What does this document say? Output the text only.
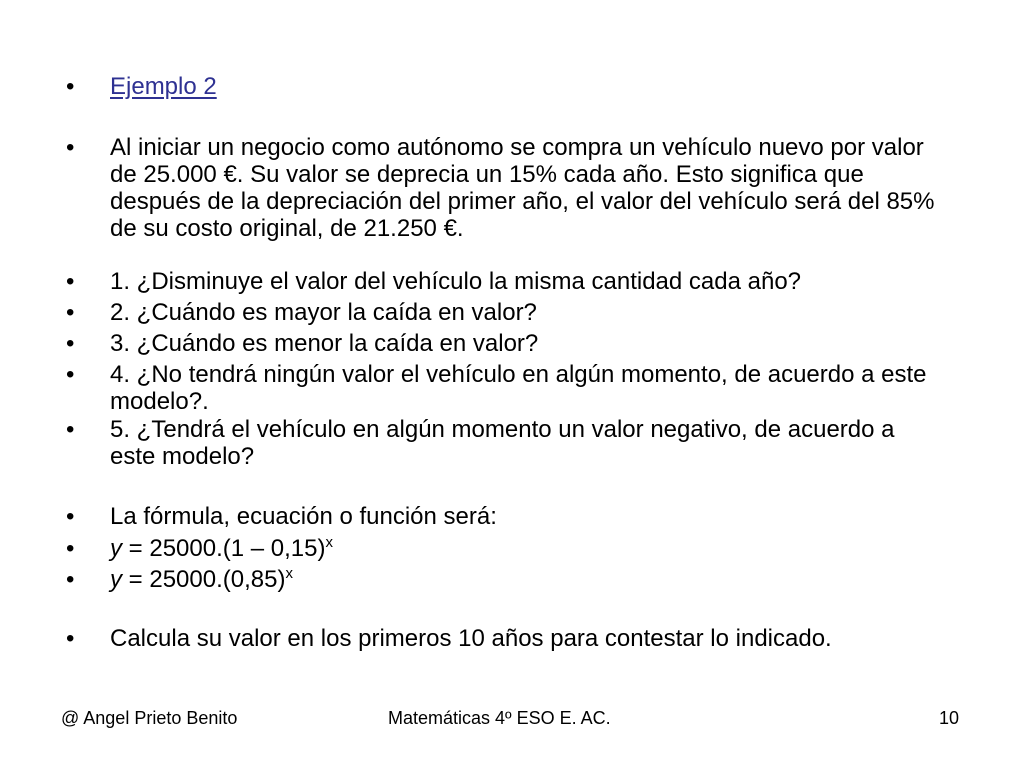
•	Ejemplo 2
•	Al iniciar un negocio como autónomo se compra un vehículo nuevo por valor de 25.000 €. Su valor se deprecia un 15% cada año. Esto significa que después de la depreciación del primer año, el valor del vehículo será del 85% de su costo original, de 21.250 €.
•	1. ¿Disminuye el valor del vehículo la misma cantidad cada año?
•	2. ¿Cuándo es mayor la caída en valor?
•	3. ¿Cuándo es menor la caída en valor?
•	4. ¿No tendrá ningún valor el vehículo en algún momento, de acuerdo a este modelo?.
•	5. ¿Tendrá el vehículo en algún momento un valor negativo, de acuerdo a este modelo?
•	La fórmula, ecuación o función será:
•	y = 25000.(1 – 0,15)$^x$
•	$y = 25000.(0,85)^x$
•	Calcula su valor en los primeros 10 años para contestar lo indicado.
@ Angel Prieto Benito	Matemáticas 4º ESO E. AC.	10
